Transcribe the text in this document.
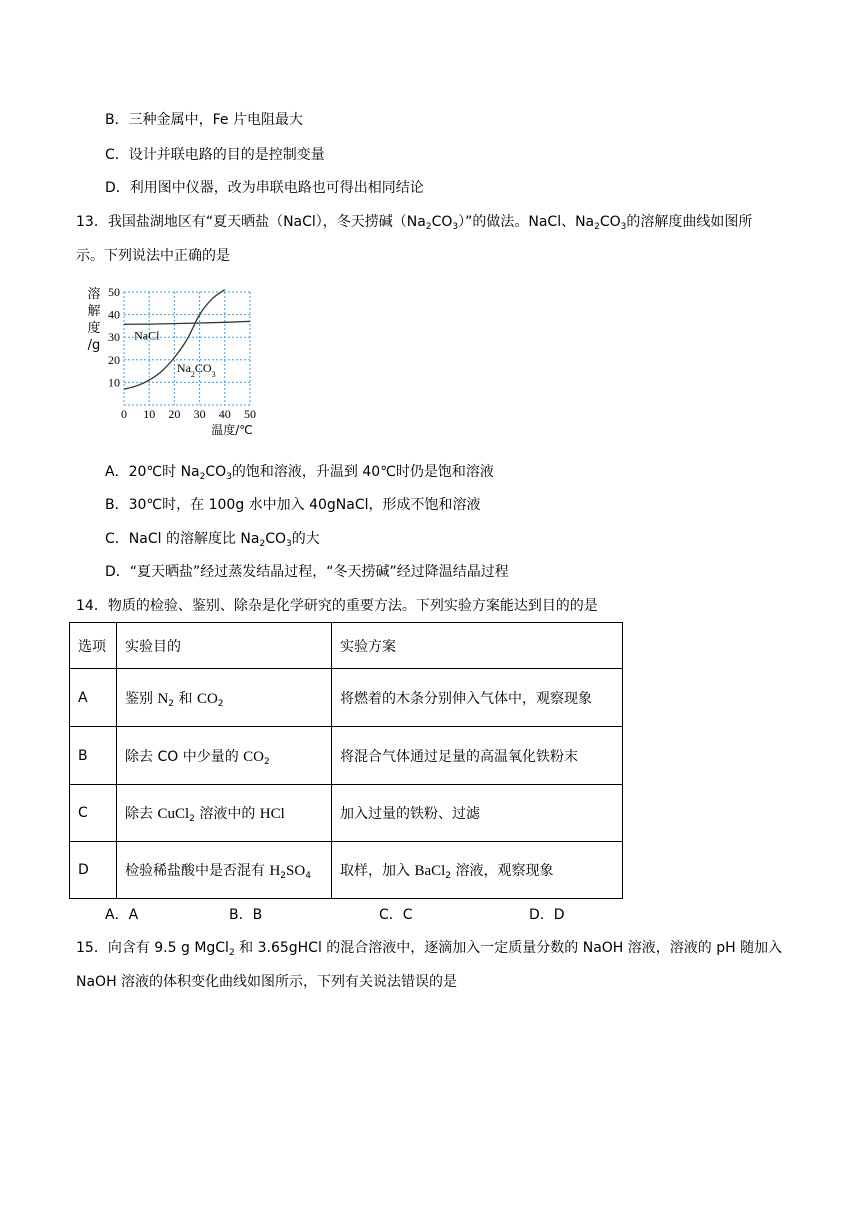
B．三种金属中，Fe 片电阻最大
C．设计并联电路的目的是控制变量
D．利用图中仪器，改为串联电路也可得出相同结论
13．我国盐湖地区有“夏天晒盐（NaCl），冬天捞碱$(Na_2CO_3)$”的做法。NaCl、$Na_2CO_3$的溶解度曲线如图所
示。下列说法中正确的是
0 10 20 30 40 50
10
20
30
40
50
溶
解
度
/g
温度/℃
NaCl
$Na_2CO_3$
A．20℃时 $Na_2CO_3$的饱和溶液，升温到 40℃时仍是饱和溶液
B．30℃时，在 100g 水中加入 40gNaCl，形成不饱和溶液
C．NaCl 的溶解度比 $Na_2CO_3$的大
D．“夏天晒盐”经过蒸发结晶过程，“冬天捞碱”经过降温结晶过程
14．物质的检验、鉴别、除杂是化学研究的重要方法。下列实验方案能达到目的的是
选项	实验目的	实验方案
A	鉴别 $N_2$ 和 $CO_2$	将燃着的木条分别伸入气体中，观察现象
B	除去 CO 中少量的 $CO_2$	将混合气体通过足量的高温氧化铁粉末
C	除去 CuCl$_2$ 溶液中的 HCl	加入过量的铁粉、过滤
D	检验稀盐酸中是否混有 $H_2SO_4$	取样，加入 BaCl$_2$ 溶液，观察现象
A．A	B．B	C．C	D．D
15．向含有 9.5 g MgCl$_2$ 和 3.65gHCl 的混合溶液中，逐滴加入一定质量分数的 NaOH 溶液，溶液的 pH 随加入
NaOH 溶液的体积变化曲线如图所示，下列有关说法错误的是
